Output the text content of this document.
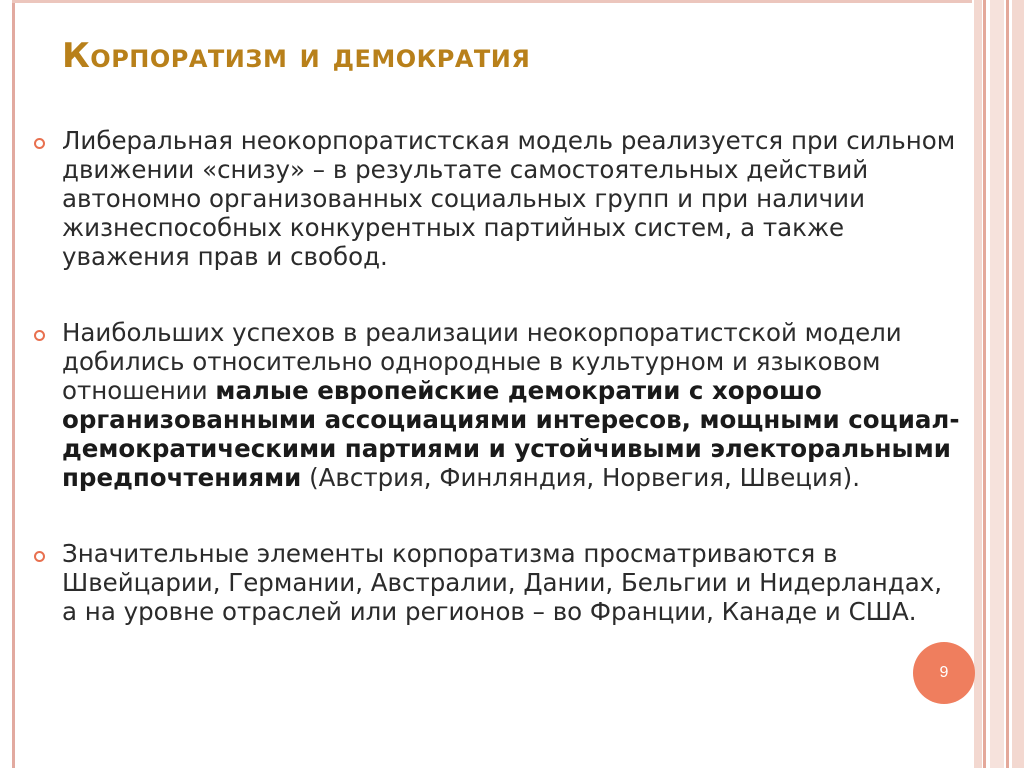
Корпоратизм и демократия
Либеральная неокорпоратистская модель реализуется при сильном движении «снизу» – в результате самостоятельных действий автономно организованных социальных групп и при наличии жизнеспособных конкурентных партийных систем, а также уважения прав и свобод.
Наибольших успехов в реализации неокорпоратистской модели добились относительно однородные в культурном и языковом отношении малые европейские демократии с хорошо организованными ассоциациями интересов, мощными социал-демократическими партиями и устойчивыми электоральными предпочтениями (Австрия, Финляндия, Норвегия, Швеция).
Значительные элементы корпоратизма просматриваются в Швейцарии, Германии, Австралии, Дании, Бельгии и Нидерландах, а на уровне отраслей или регионов – во Франции, Канаде и США.
9
